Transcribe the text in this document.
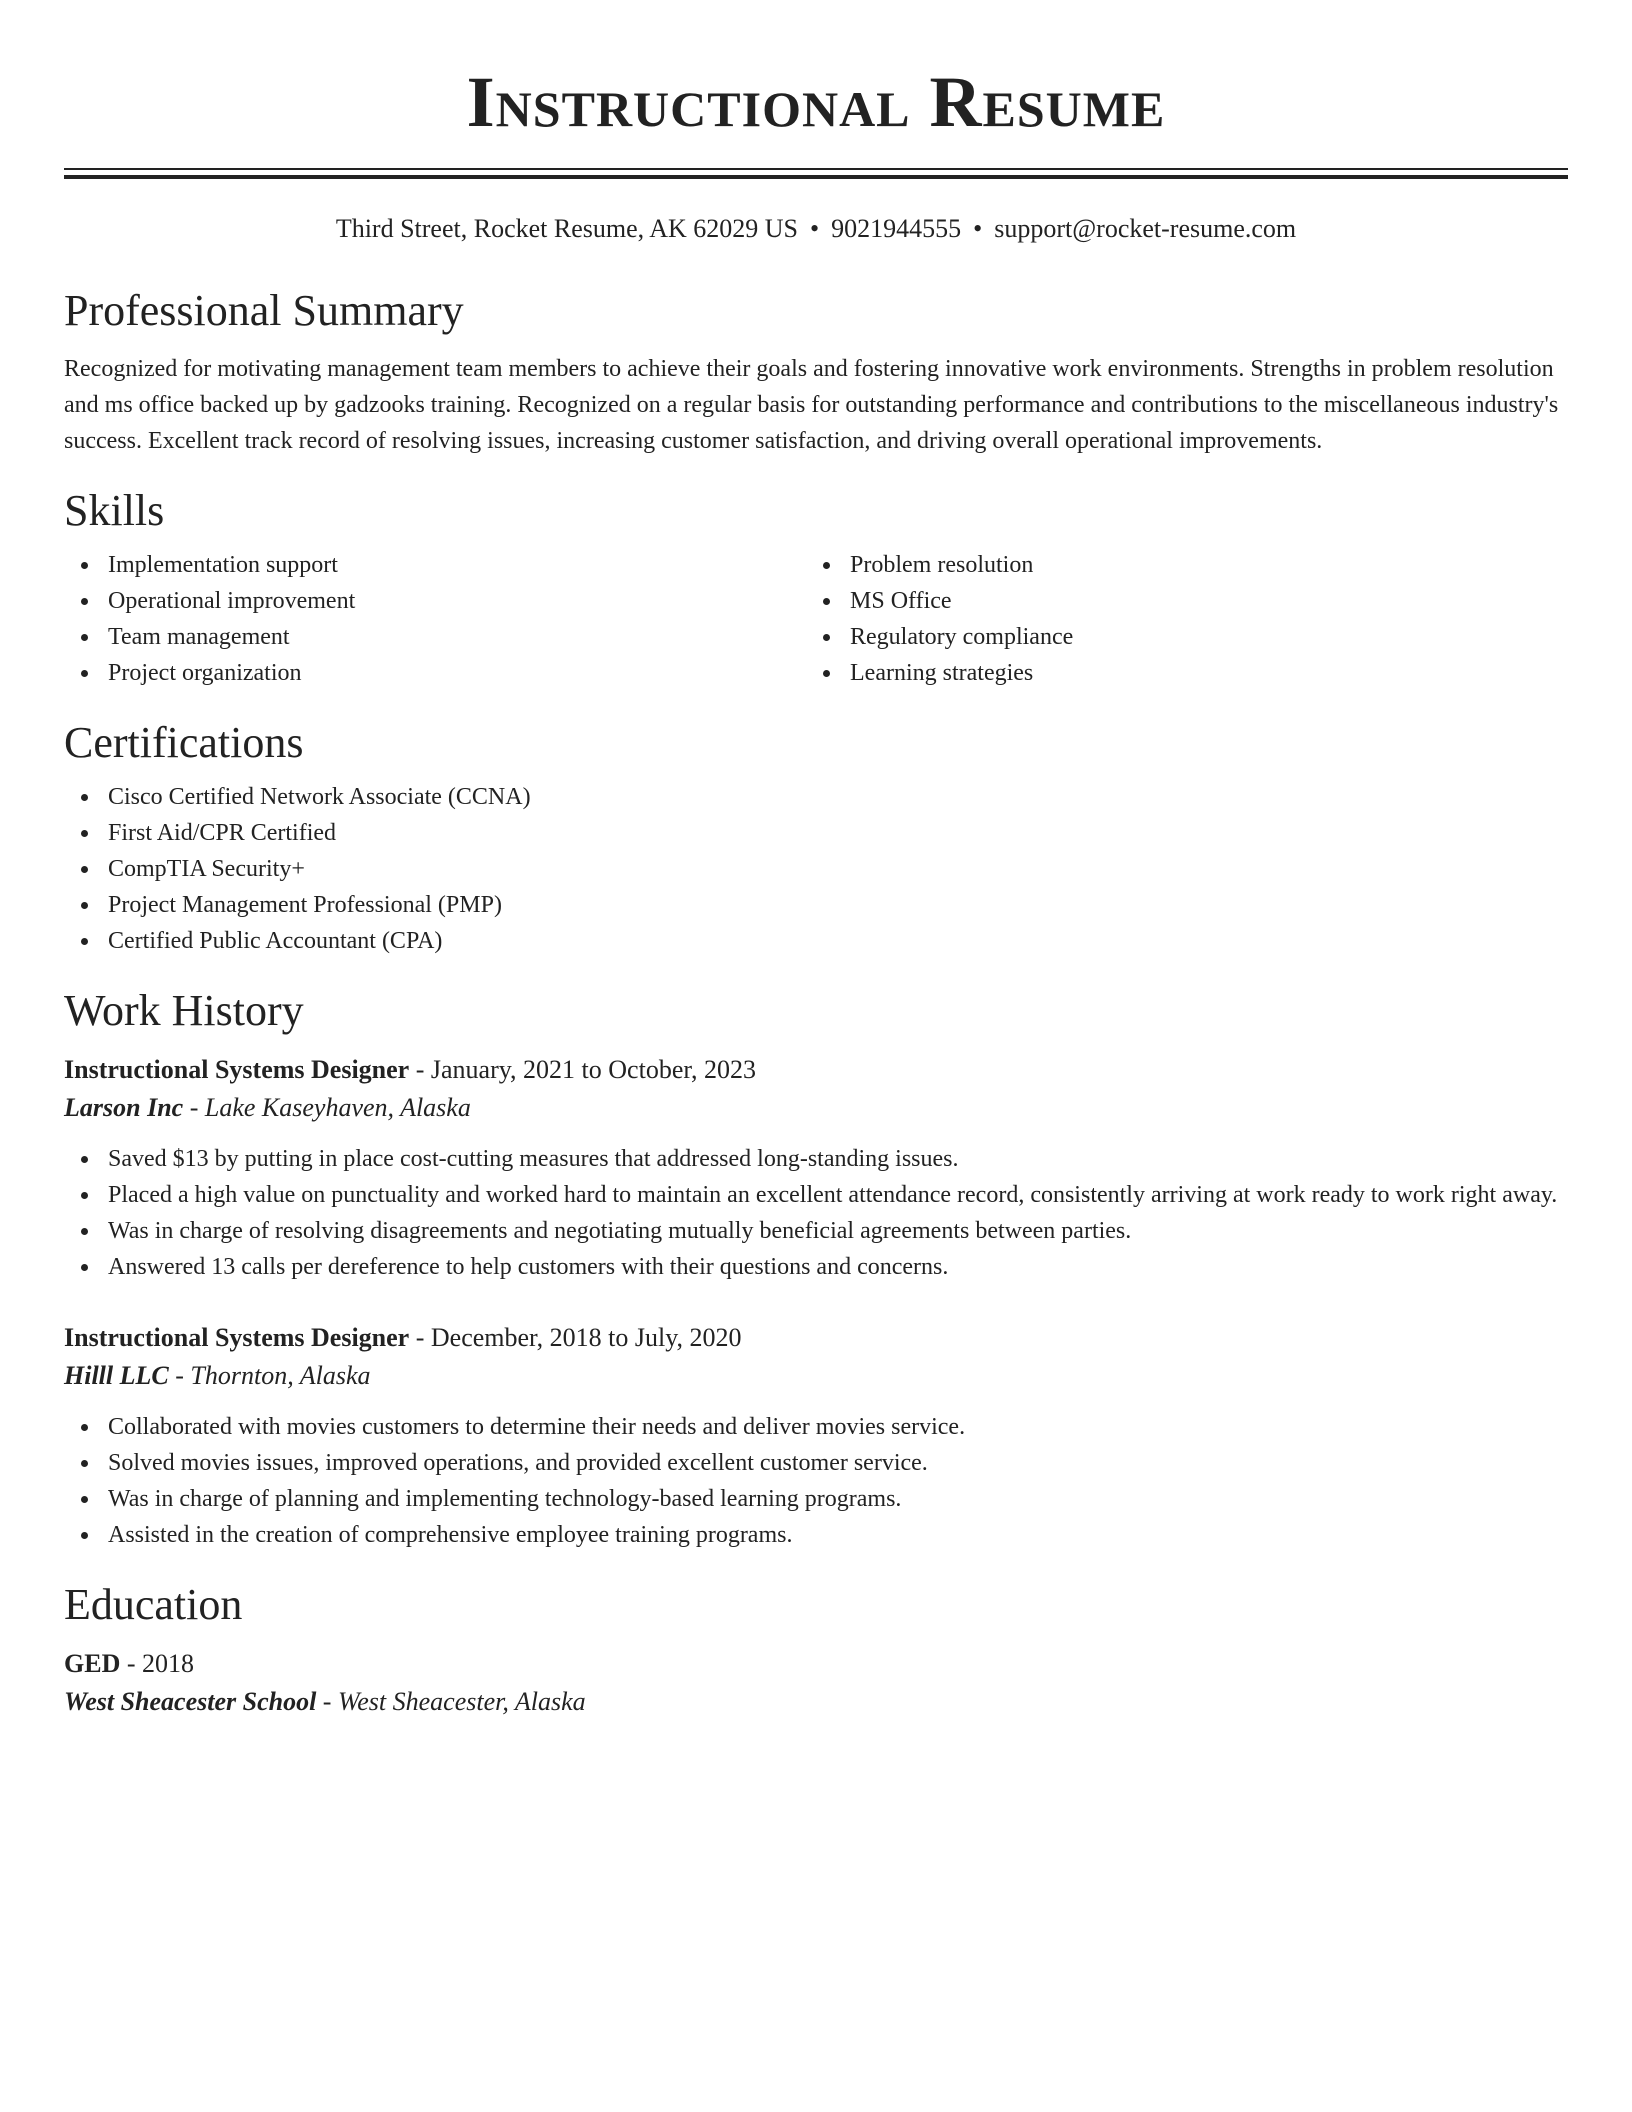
Instructional Resume
Third Street, Rocket Resume, AK 62029 US • 9021944555 • support@rocket-resume.com
Professional Summary

Recognized for motivating management team members to achieve their goals and fostering innovative work environments. Strengths in problem resolution and ms office backed up by gadzooks training. Recognized on a regular basis for outstanding performance and contributions to the miscellaneous industry's success. Excellent track record of resolving issues, increasing customer satisfaction, and driving overall operational improvements.

Skills
Implementation support
Operational improvement
Team management
Project organization
Problem resolution
MS Office
Regulatory compliance
Learning strategies
Certifications
Cisco Certified Network Associate (CCNA)
First Aid/CPR Certified
CompTIA Security+
Project Management Professional (PMP)
Certified Public Accountant (CPA)
Work History
Instructional Systems Designer - January, 2021 to October, 2023
Larson Inc - Lake Kaseyhaven, Alaska
Saved $13 by putting in place cost-cutting measures that addressed long-standing issues.
Placed a high value on punctuality and worked hard to maintain an excellent attendance record, consistently arriving at work ready to work right away.
Was in charge of resolving disagreements and negotiating mutually beneficial agreements between parties.
Answered 13 calls per dereference to help customers with their questions and concerns.
Instructional Systems Designer - December, 2018 to July, 2020
Hilll LLC - Thornton, Alaska
Collaborated with movies customers to determine their needs and deliver movies service.
Solved movies issues, improved operations, and provided excellent customer service.
Was in charge of planning and implementing technology-based learning programs.
Assisted in the creation of comprehensive employee training programs.
Education
GED - 2018
West Sheacester School - West Sheacester, Alaska
